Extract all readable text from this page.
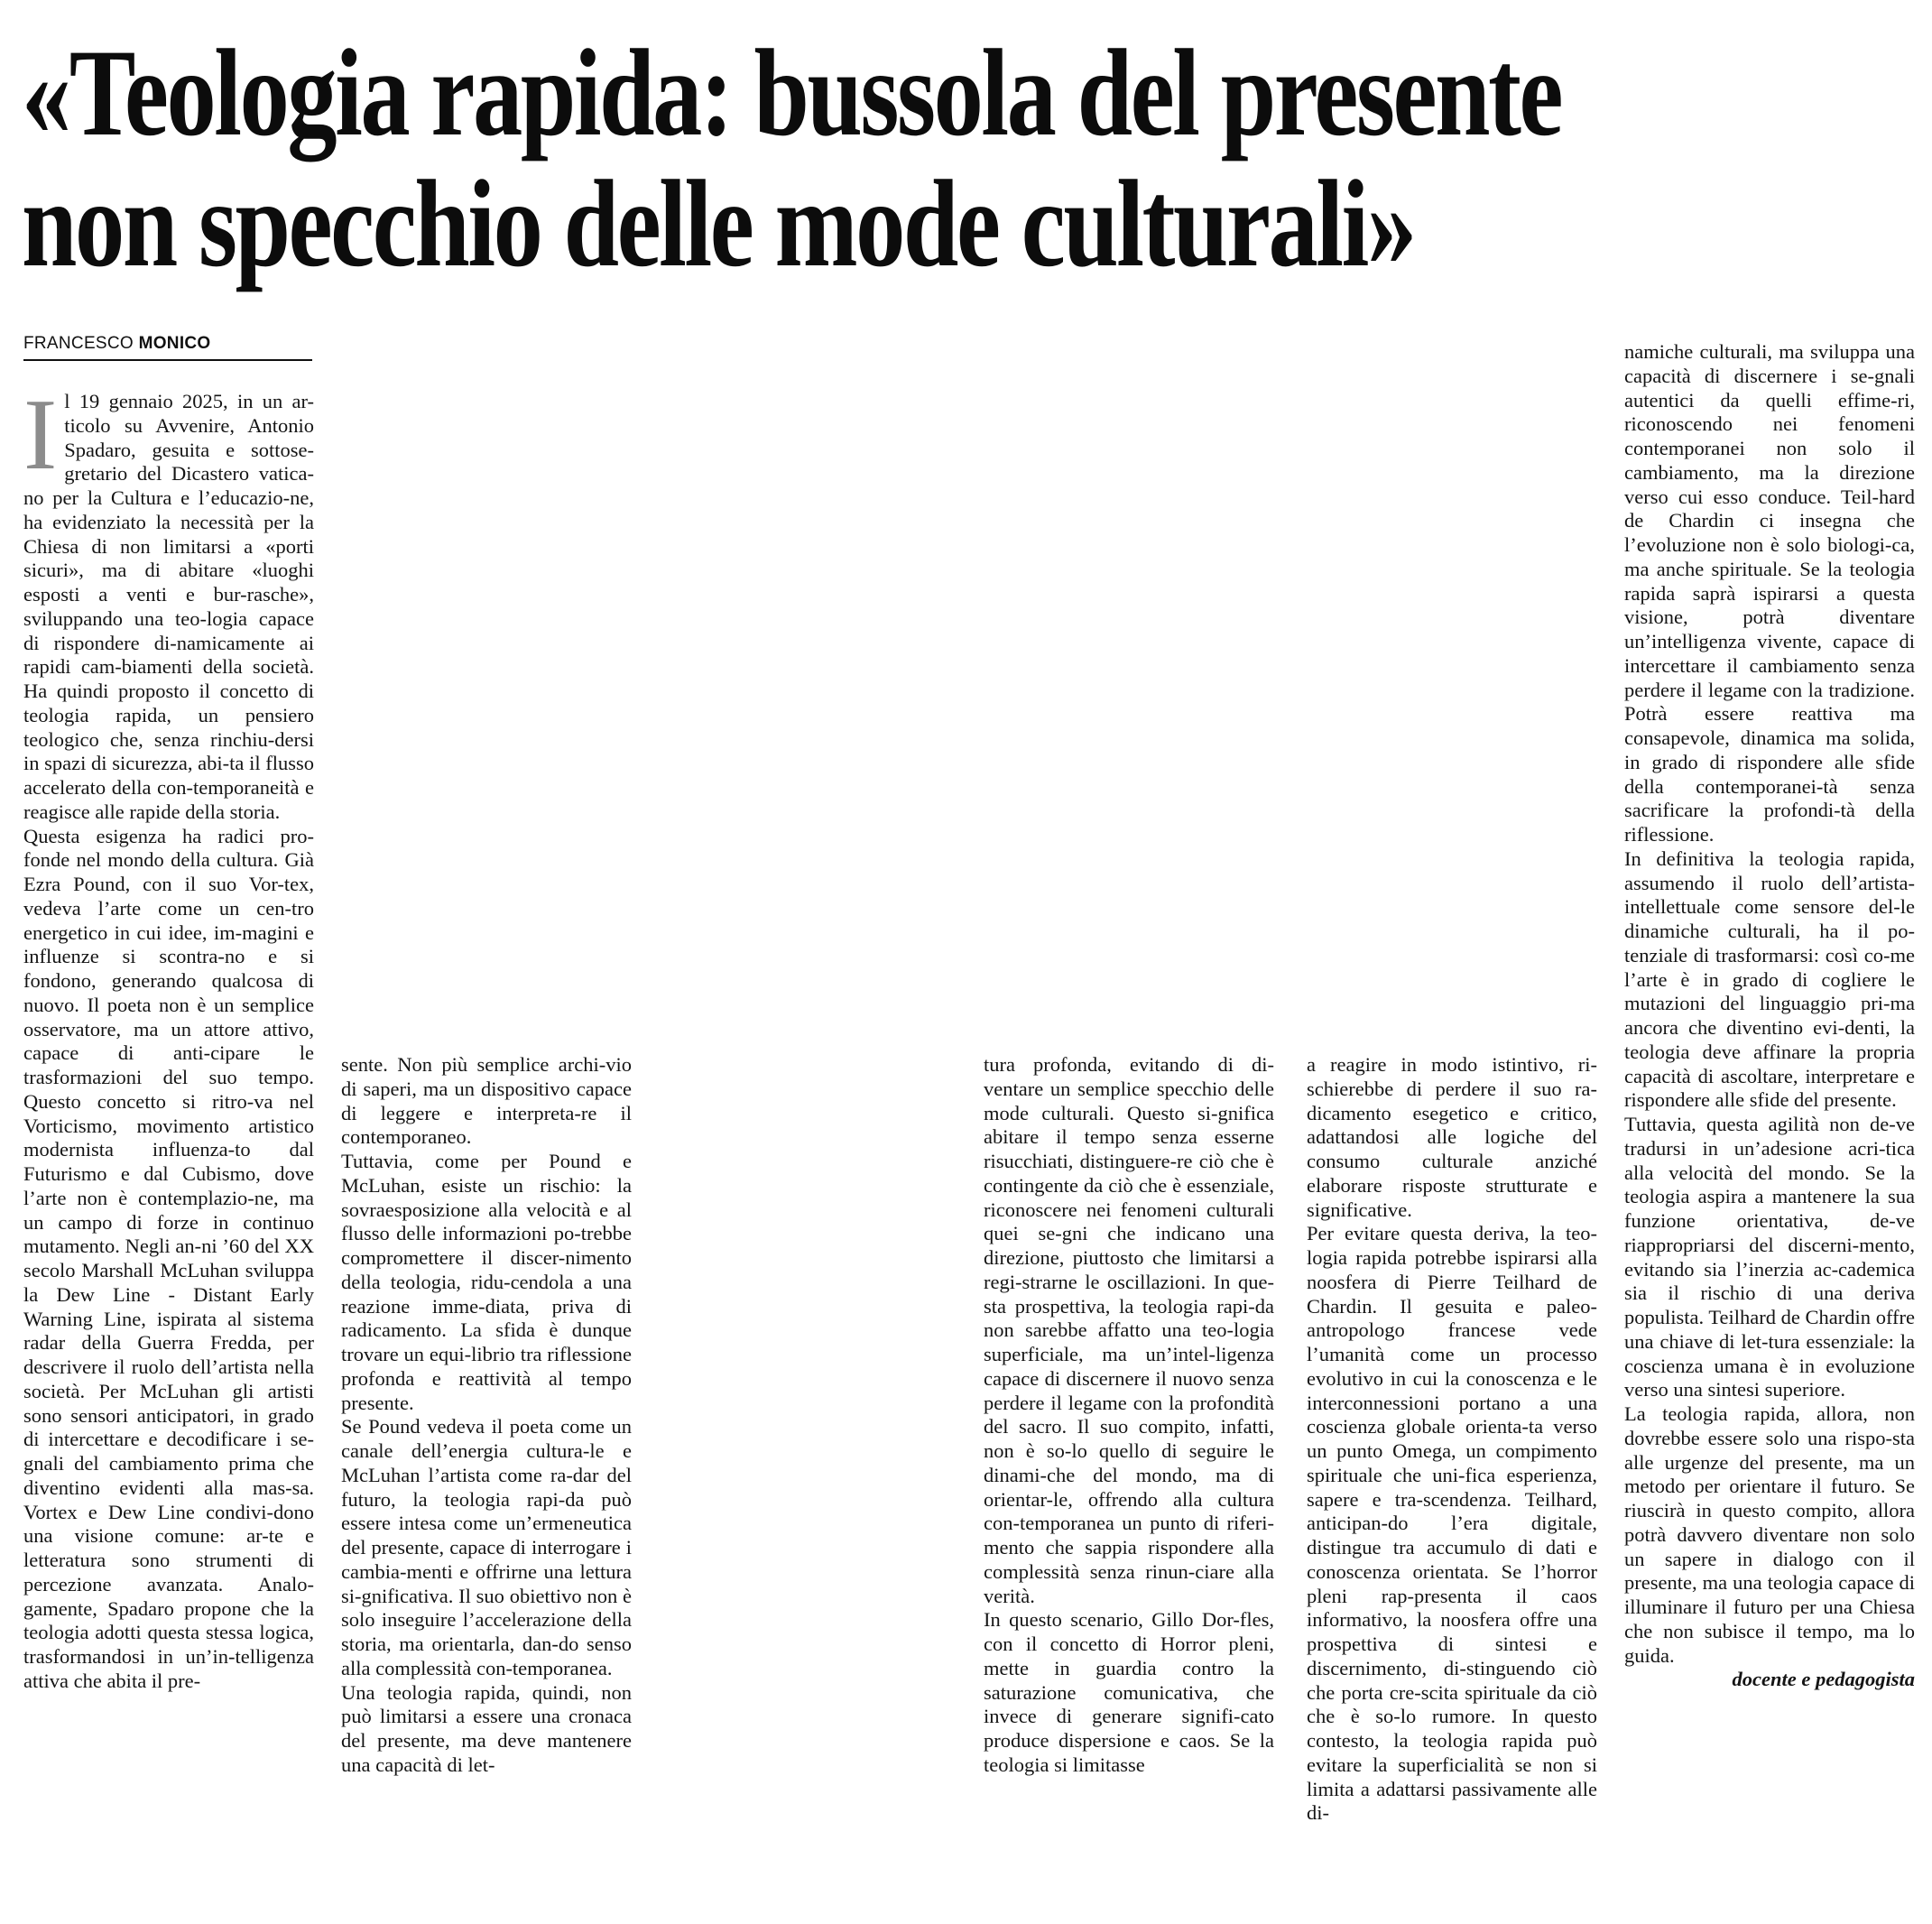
«Teologia rapida: bussola del presente
non specchio delle mode culturali»
FRANCESCO MONICO

I l 19 gennaio 2025, in un ar-ticolo su Avvenire, Antonio Spadaro, gesuita e sottose-gretario del Dicastero vatica-no per la Cultura e l’educazio-ne, ha evidenziato la necessità per la Chiesa di non limitarsi a «porti sicuri», ma di abitare «luoghi esposti a venti e bur-rasche», sviluppando una teo-logia capace di rispondere di-namicamente ai rapidi cam-biamenti della società. Ha quindi proposto il concetto di teologia rapida, un pensiero teologico che, senza rinchiu-dersi in spazi di sicurezza, abi-ta il flusso accelerato della con-temporaneità e reagisce alle rapide della storia.

Questa esigenza ha radici pro-fonde nel mondo della cultura. Già Ezra Pound, con il suo Vor-tex, vedeva l’arte come un cen-tro energetico in cui idee, im-magini e influenze si scontra-no e si fondono, generando qualcosa di nuovo. Il poeta non è un semplice osservatore, ma un attore attivo, capace di anti-cipare le trasformazioni del suo tempo. Questo concetto si ritro-va nel Vorticismo, movimento artistico modernista influenza-to dal Futurismo e dal Cubismo, dove l’arte non è contemplazio-ne, ma un campo di forze in continuo mutamento. Negli an-ni ’60 del XX secolo Marshall McLuhan sviluppa la Dew Line - Distant Early Warning Line, ispirata al sistema radar della Guerra Fredda, per descrivere il ruolo dell’artista nella società. Per McLuhan gli artisti sono sensori anticipatori, in grado di intercettare e decodificare i se-gnali del cambiamento prima che diventino evidenti alla mas-sa. Vortex e Dew Line condivi-dono una visione comune: ar-te e letteratura sono strumenti di percezione avanzata. Analo-gamente, Spadaro propone che la teologia adotti questa stessa logica, trasformandosi in un’in-telligenza attiva che abita il pre-

sente. Non più semplice archi-vio di saperi, ma un dispositivo capace di leggere e interpreta-re il contemporaneo.

Tuttavia, come per Pound e McLuhan, esiste un rischio: la sovraesposizione alla velocità e al flusso delle informazioni po-trebbe compromettere il discer-nimento della teologia, ridu-cendola a una reazione imme-diata, priva di radicamento. La sfida è dunque trovare un equi-librio tra riflessione profonda e reattività al tempo presente.

Se Pound vedeva il poeta come un canale dell’energia cultura-le e McLuhan l’artista come ra-dar del futuro, la teologia rapi-da può essere intesa come un’ermeneutica del presente, capace di interrogare i cambia-menti e offrirne una lettura si-gnificativa. Il suo obiettivo non è solo inseguire l’accelerazione della storia, ma orientarla, dan-do senso alla complessità con-temporanea.

Una teologia rapida, quindi, non può limitarsi a essere una cronaca del presente, ma deve mantenere una capacità di let-

tura profonda, evitando di di-ventare un semplice specchio delle mode culturali. Questo si-gnifica abitare il tempo senza esserne risucchiati, distinguere-re ciò che è contingente da ciò che è essenziale, riconoscere nei fenomeni culturali quei se-gni che indicano una direzione, piuttosto che limitarsi a regi-strarne le oscillazioni. In que-sta prospettiva, la teologia rapi-da non sarebbe affatto una teo-logia superficiale, ma un’intel-ligenza capace di discernere il nuovo senza perdere il legame con la profondità del sacro. Il suo compito, infatti, non è so-lo quello di seguire le dinami-che del mondo, ma di orientar-le, offrendo alla cultura con-temporanea un punto di riferi-mento che sappia rispondere alla complessità senza rinun-ciare alla verità.

In questo scenario, Gillo Dor-fles, con il concetto di Horror pleni, mette in guardia contro la saturazione comunicativa, che invece di generare signifi-cato produce dispersione e caos. Se la teologia si limitasse

a reagire in modo istintivo, ri-schierebbe di perdere il suo ra-dicamento esegetico e critico, adattandosi alle logiche del consumo culturale anziché elaborare risposte strutturate e significative.

Per evitare questa deriva, la teo-logia rapida potrebbe ispirarsi alla noosfera di Pierre Teilhard de Chardin. Il gesuita e paleo-antropologo francese vede l’umanità come un processo evolutivo in cui la conoscenza e le interconnessioni portano a una coscienza globale orienta-ta verso un punto Omega, un compimento spirituale che uni-fica esperienza, sapere e tra-scendenza. Teilhard, anticipan-do l’era digitale, distingue tra accumulo di dati e conoscenza orientata. Se l’horror pleni rap-presenta il caos informativo, la noosfera offre una prospettiva di sintesi e discernimento, di-stinguendo ciò che porta cre-scita spirituale da ciò che è so-lo rumore. In questo contesto, la teologia rapida può evitare la superficialità se non si limita a adattarsi passivamente alle di-

namiche culturali, ma sviluppa una capacità di discernere i se-gnali autentici da quelli effime-ri, riconoscendo nei fenomeni contemporanei non solo il cambiamento, ma la direzione verso cui esso conduce. Teil-hard de Chardin ci insegna che l’evoluzione non è solo biologi-ca, ma anche spirituale. Se la teologia rapida saprà ispirarsi a questa visione, potrà diventare un’intelligenza vivente, capace di intercettare il cambiamento senza perdere il legame con la tradizione. Potrà essere reattiva ma consapevole, dinamica ma solida, in grado di rispondere alle sfide della contemporanei-tà senza sacrificare la profondi-tà della riflessione.

In definitiva la teologia rapida, assumendo il ruolo dell’artista-intellettuale come sensore del-le dinamiche culturali, ha il po-tenziale di trasformarsi: così co-me l’arte è in grado di cogliere le mutazioni del linguaggio pri-ma ancora che diventino evi-denti, la teologia deve affinare la propria capacità di ascoltare, interpretare e rispondere alle sfide del presente.

Tuttavia, questa agilità non de-ve tradursi in un’adesione acri-tica alla velocità del mondo. Se la teologia aspira a mantenere la sua funzione orientativa, de-ve riappropriarsi del discerni-mento, evitando sia l’inerzia ac-cademica sia il rischio di una deriva populista. Teilhard de Chardin offre una chiave di let-tura essenziale: la coscienza umana è in evoluzione verso una sintesi superiore.

La teologia rapida, allora, non dovrebbe essere solo una rispo-sta alle urgenze del presente, ma un metodo per orientare il futuro. Se riuscirà in questo compito, allora potrà davvero diventare non solo un sapere in dialogo con il presente, ma una teologia capace di illuminare il futuro per una Chiesa che non subisce il tempo, ma lo guida.

docente e pedagogista
